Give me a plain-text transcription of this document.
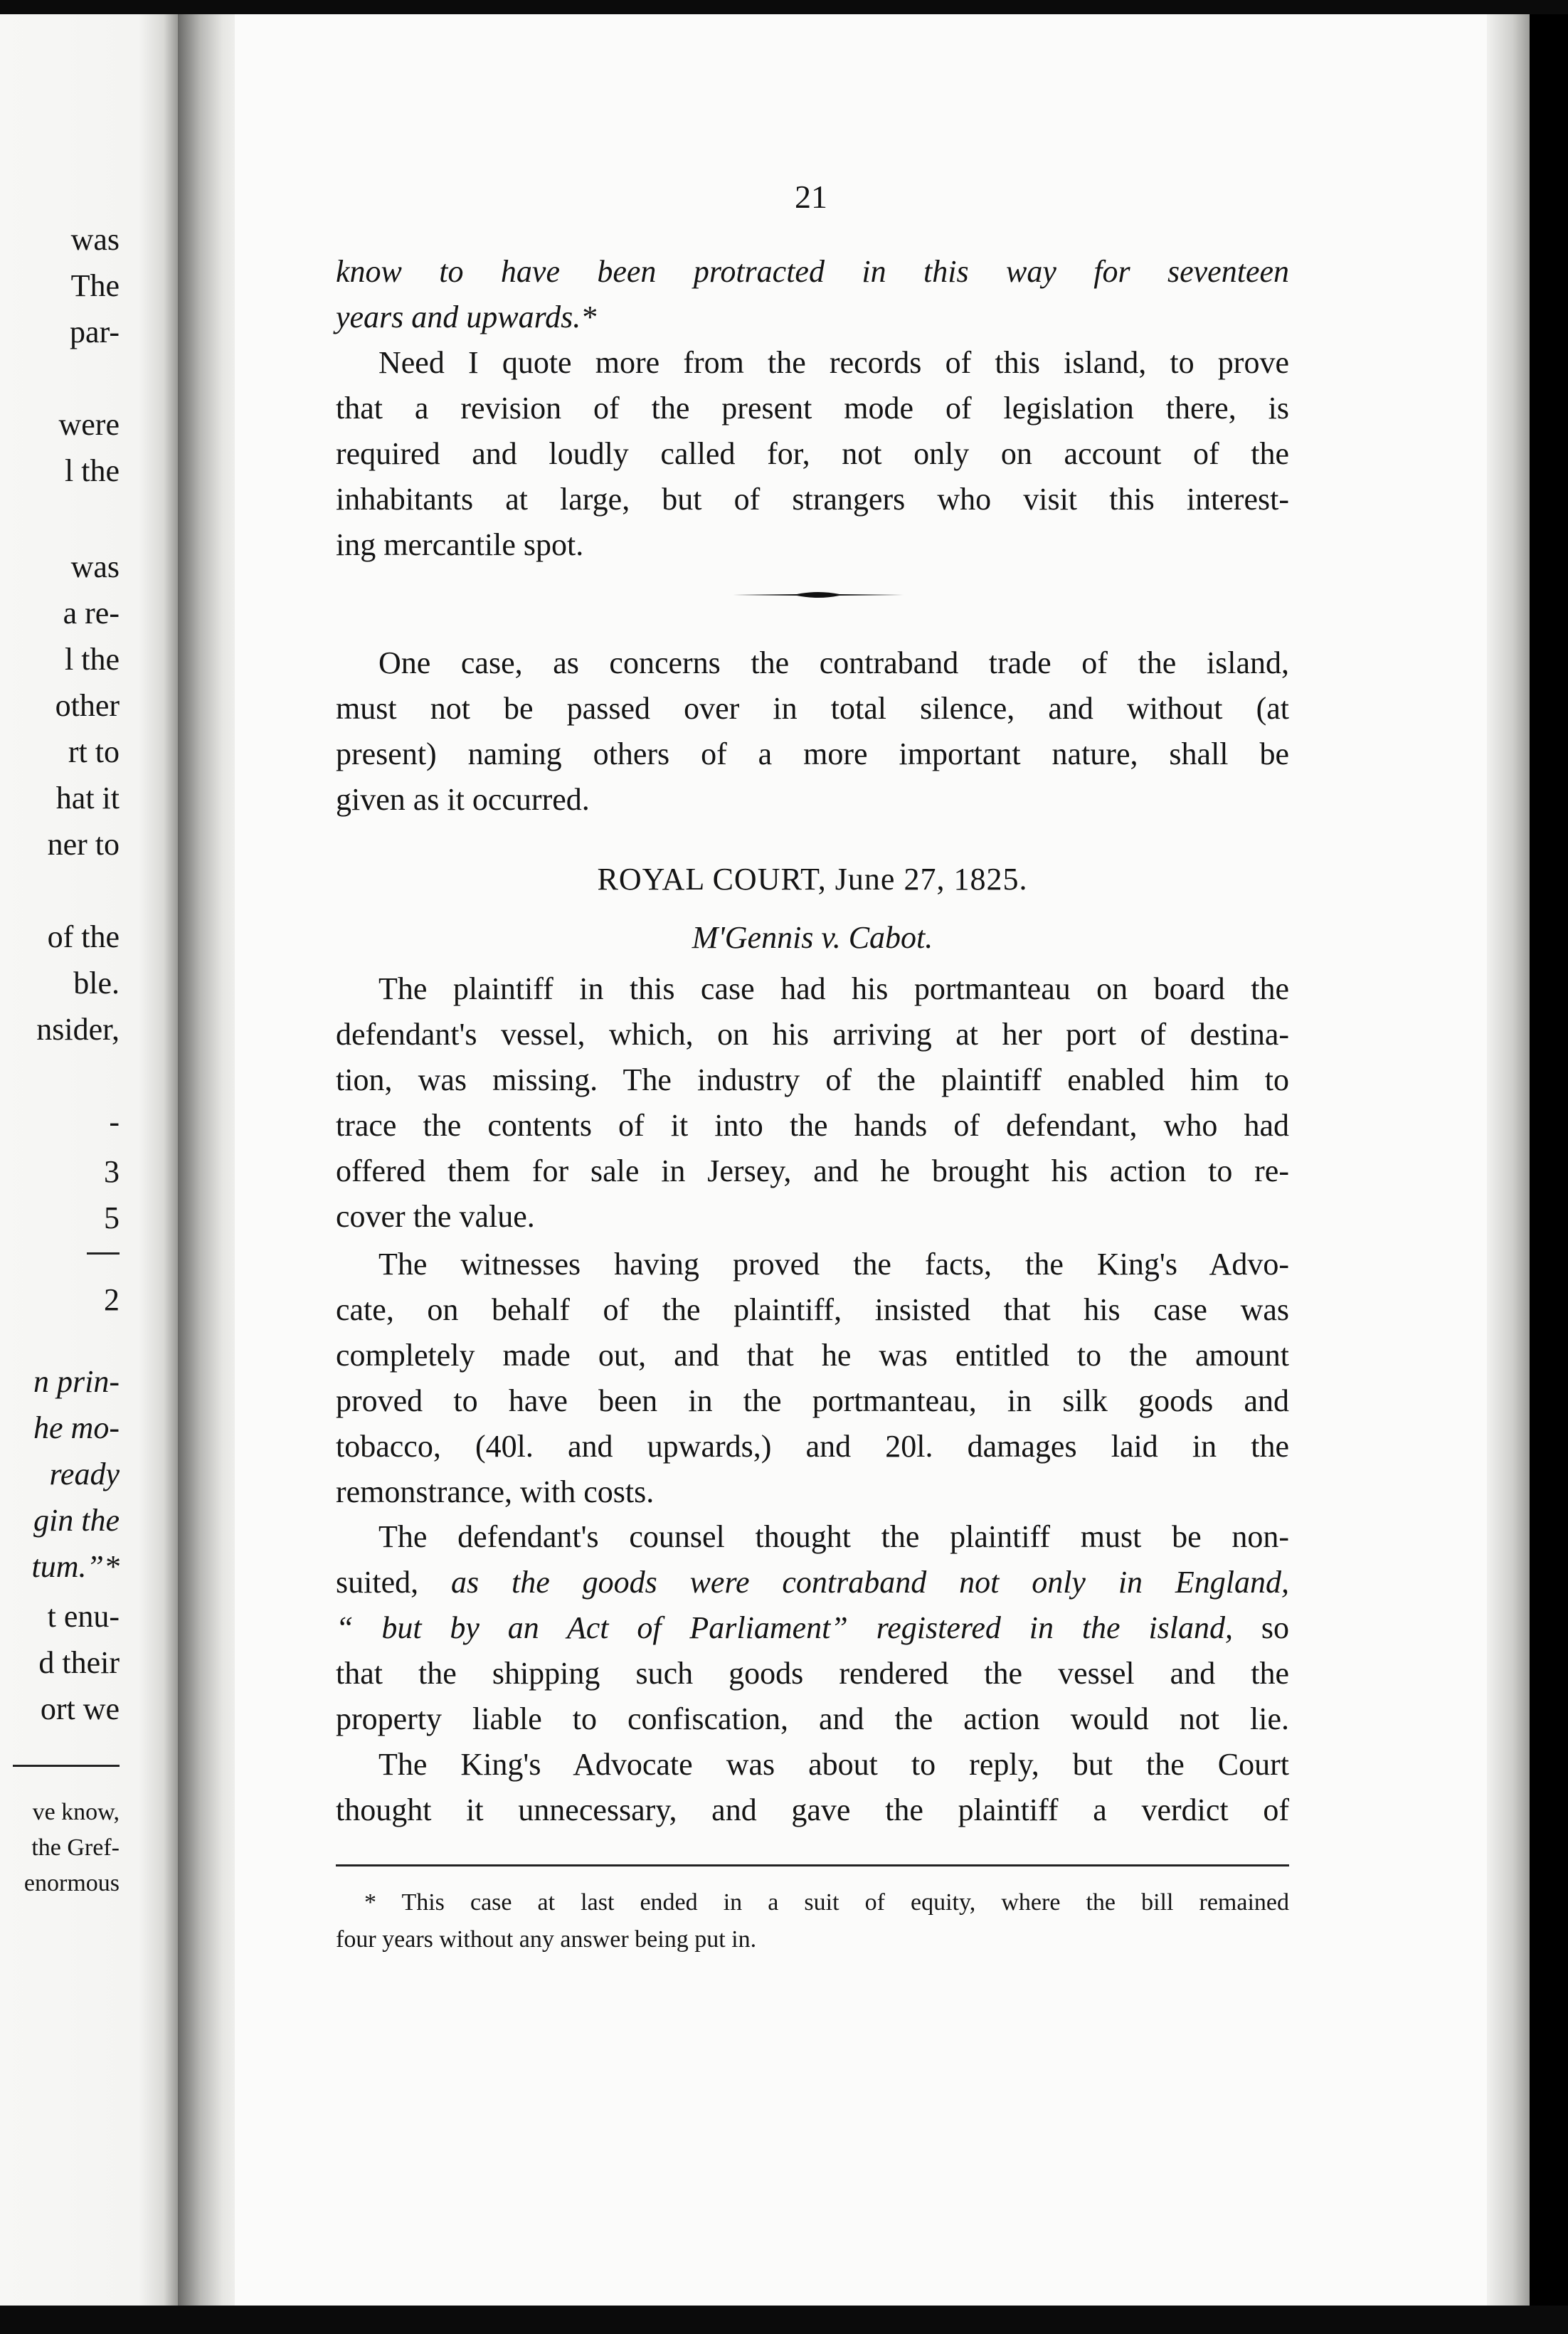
was
The
par-
were
l the
was
a re-
l the
other
rt to
hat it
ner to
of the
ble.
nsider,
-
3
5
2
n prin-
he mo-
ready
gin the
tum.”*
t enu-
d their
ort we
ve know,
the Gref-
enormous
21
know to have been protracted in this way for seventeen
years and upwards.*
Need I quote more from the records of this island, to prove
that a revision of the present mode of legislation there, is
required and loudly called for, not only on account of the
inhabitants at large, but of strangers who visit this interest-
ing mercantile spot.
One case, as concerns the contraband trade of the island,
must not be passed over in total silence, and without (at
present) naming others of a more important nature, shall be
given as it occurred.
ROYAL COURT, June 27, 1825.
M'Gennis v. Cabot.
The plaintiff in this case had his portmanteau on board the
defendant's vessel, which, on his arriving at her port of destina-
tion, was missing. The industry of the plaintiff enabled him to
trace the contents of it into the hands of defendant, who had
offered them for sale in Jersey, and he brought his action to re-
cover the value.
The witnesses having proved the facts, the King's Advo-
cate, on behalf of the plaintiff, insisted that his case was
completely made out, and that he was entitled to the amount
proved to have been in the portmanteau, in silk goods and
tobacco, (40l. and upwards,) and 20l. damages laid in the
remonstrance, with costs.
The defendant's counsel thought the plaintiff must be non-
suited, as the goods were contraband not only in England,
“ but by an Act of Parliament” registered in the island, so
that the shipping such goods rendered the vessel and the
property liable to confiscation, and the action would not lie.
The King's Advocate was about to reply, but the Court
thought it unnecessary, and gave the plaintiff a verdict of
* This case at last ended in a suit of equity, where the bill remained
four years without any answer being put in.
